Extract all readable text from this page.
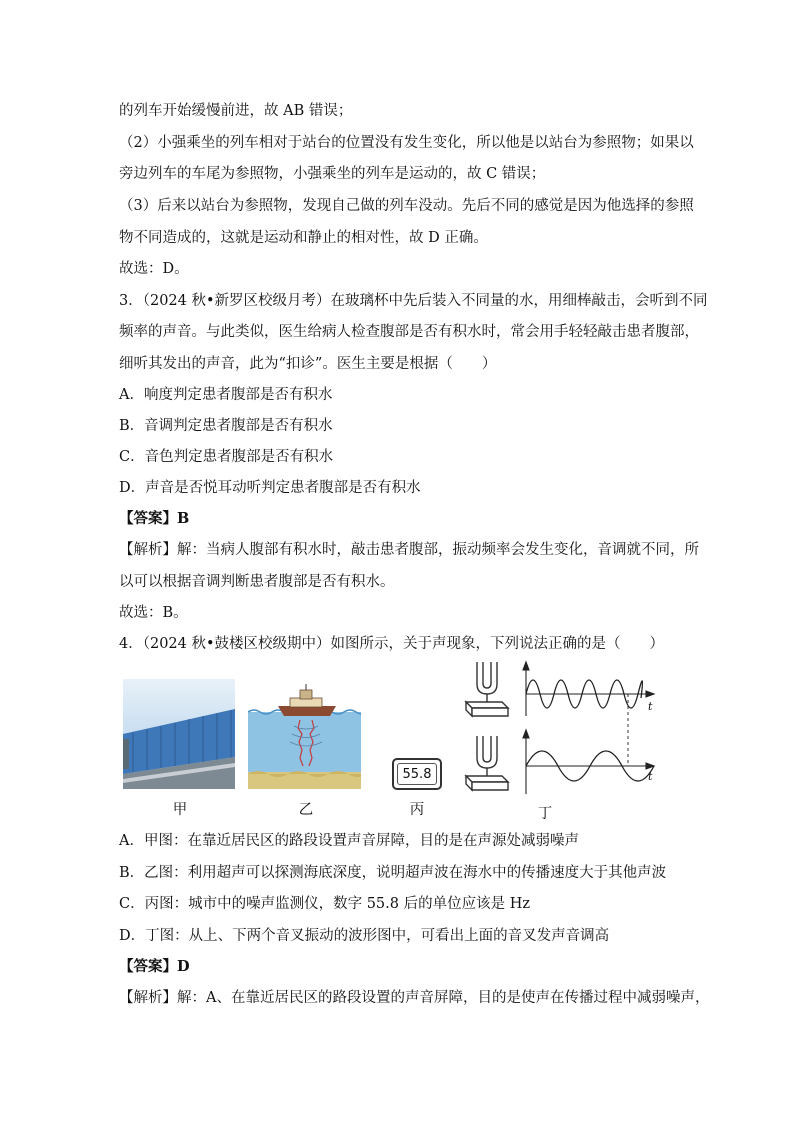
的列车开始缓慢前进，故 AB 错误；
（2）小强乘坐的列车相对于站台的位置没有发生变化，所以他是以站台为参照物；如果以
旁边列车的车尾为参照物，小强乘坐的列车是运动的，故 C 错误；
（3）后来以站台为参照物，发现自己做的列车没动。先后不同的感觉是因为他选择的参照
物不同造成的，这就是运动和静止的相对性，故 D 正确。
故选：D。
3．（2024 秋•新罗区校级月考）在玻璃杯中先后装入不同量的水，用细棒敲击，会听到不同
频率的声音。与此类似，医生给病人检查腹部是否有积水时，常会用手轻轻敲击患者腹部，
细听其发出的声音，此为“扣诊”。医生主要是根据（　　）
A．响度判定患者腹部是否有积水
B．音调判定患者腹部是否有积水
C．音色判定患者腹部是否有积水
D．声音是否悦耳动听判定患者腹部是否有积水
【答案】B
【解析】解：当病人腹部有积水时，敲击患者腹部，振动频率会发生变化，音调就不同，所
以可以根据音调判断患者腹部是否有积水。
故选：B。
4．（2024 秋•鼓楼区校级期中）如图所示，关于声现象，下列说法正确的是（　　）
甲	乙
55.8
丙
t
t
丁
A．甲图：在靠近居民区的路段设置声音屏障，目的是在声源处减弱噪声
B．乙图：利用超声可以探测海底深度，说明超声波在海水中的传播速度大于其他声波
C．丙图：城市中的噪声监测仪，数字 55.8 后的单位应该是 Hz
D．丁图：从上、下两个音叉振动的波形图中，可看出上面的音叉发声音调高
【答案】D
【解析】解：A、在靠近居民区的路段设置的声音屏障，目的是使声在传播过程中减弱噪声，
